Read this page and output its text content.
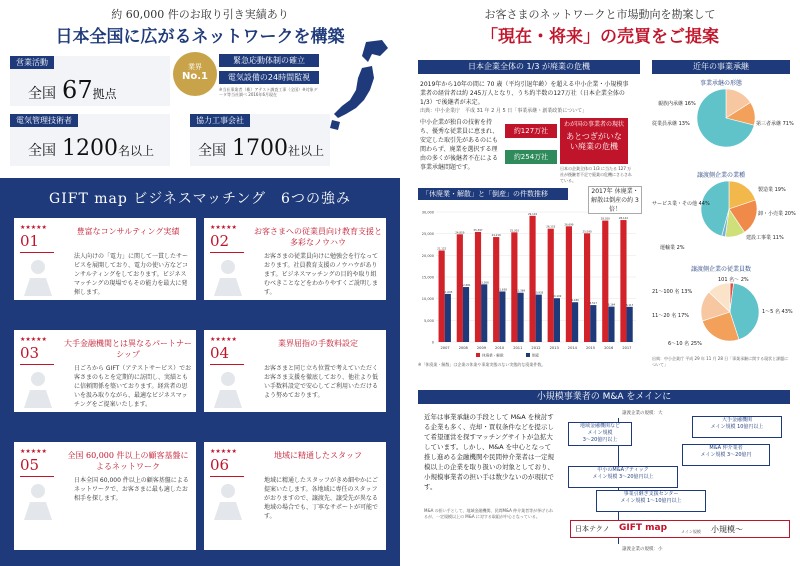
約 60,000 件のお取り引き実績あり
日本全国に広がるネットワークを構築
営業活動
全国 67拠点
業界
No.1
緊急応動体制の確立
電気設備の24時間監視
※当社事業者（株）アテスト調査工事（全国）※対象データ等当社調べ 2016年6月現在
電気管理技術者
全国 1200名以上
協力工事会社
全国 1700社以上
GIFT map ビジネスマッチング　6つの強み
★★★★★
01
豊富なコンサルティング実績
法人向けの「電力」に関して一貫したサービスを展開しており、電力の使い方などコンサルティングをしております。ビジネスマッチングの現場でもその能力を最大に発揮します。
★★★★★
02
お客さまへの従業員向け教育支援と多彩なノウハウ
お客さまの従業員向けに勉強会を行なっております。社員教育支援のノウハウがあります。ビジネスマッチングの目的や取り組むべきことなどをわかりやすくご説明します。
★★★★★
03
大手金融機関とは異なるパートナーシップ
日ごろから GIFT（アテストサービス）でお客さまのもとを定期的に訪問し、実績ともに信頼関係を築いております。経営者の思いを汲み取りながら、最適なビジネスマッチングをご提案いたします。
★★★★★
04
業界屈指の手数料設定
お客さまと同じ立ち位置で考えていただくお客さま支援を徹底しており、他社より低い手数料設定で安心してご利用いただけるよう努めております。
★★★★★
05
全国 60,000 件以上の顧客基盤によるネットワーク
日本全国 60,000 件以上の顧客基盤によるネットワークで、お客さまに最も適したお相手を探します。
★★★★★
06
地域に精通したスタッフ
地域に精通したスタッフがきめ細やかにご提案いたします。各地域に専任のスタッフがおりますので、譲渡先、譲受先が異なる地域の場合でも、丁寧なサポートが可能です。
お客さまのネットワークと市場動向を勘案して
「現在・将来」の売買をご提案
日本企業全体の 1/3 が廃業の危機	近年の事業承継
2019年から10年の間に 70 歳（平均引退年齢）を超える中小企業・小規模事業者の経営者は約 245万人となり、うち約半数の127万社（日本企業全体の 1/3）で後継者が未定。
出典：中小企業庁　平成 31 年 2 月 5 日「事業承継・創業政策について」
中小企業が独自の技術を持ち、優秀な従業員に恵まれ、安定した取引先があるのにも関わらず、廃業を選択する理由の多くが後継者不在による事業承継問題です。
約127万社
約254万社
わが国の事業者の現状
あとつぎがいない廃業の危機
日本の企業全体の 1/3 に当たる 127 万社が後継者不足で廃業の危機にさらされている。
「休廃業・解散」と「倒産」の件数推移
0
5,000
10,000
15,000
20,000
25,000
30,000
21,122
11,095
2007
24,859
12,681
2008
25,397
13,306
2009
24,216
11,658
2010
25,303
11,369
2011
29,119
10,935
2012
26,153
10,102
2013
26,699
9,180
2014
25,090
8,517
2015
28,020
8,164
2016
28,142
8,117
2017
休廃業・解散	倒産
2017年 休廃業・解散は倒産の約 3 倍！
※「休廃業・解散」は企業の休業や事業実態のない実態的な廃業件数。
事業承継の形態
親族内承継 16%
従業員承継 13%	第三者承継 71%
譲渡側企業の業種
製造業 19%
卸・小売業 20%
建設工事業 11%
運輸業 2%
サービス業・その他 44%
譲渡側企業の従業員数
101 名〜 2%
1〜5 名 43%
6〜10 名 25%
11〜20 名 17%
21〜100 名 13%
出典：中小企業庁 平成 29 年 11 月 28 日「事業承継に関する現状と課題について」
小規模事業者の M&A をメインに
近年は事業承継の手段として M&A を検討する企業も多く、売却・買収条件などを提示して希望運営を探すマッチングサイトが急拡大しています。しかし、M&A を中心となって推し進める金融機関や民間仲介業者は一定規模以上の企業を取り扱いの対象としており、小規模事業者の担い手は数少ないのが現状です。
M&A の担い手として、地域金融機関、民間M&A 仲介業者等が挙げられるが、一定規模以上の M&A に対する取組が中心となっている。
譲渡企業の規模：大
地域金融機関など
メイン規模
3〜20億円以上
大手金融機関
メイン規模 10億円以上
M&A 仲介業者
メイン規模 3〜20億円
中小のM&Aブティック
メイン規模 3〜20億円以上
事業引継ぎ支援センター
メイン規模 1〜10億円以上
譲渡企業の規模：小
日本テクノ GIFT map	メイン規模 小規模〜
